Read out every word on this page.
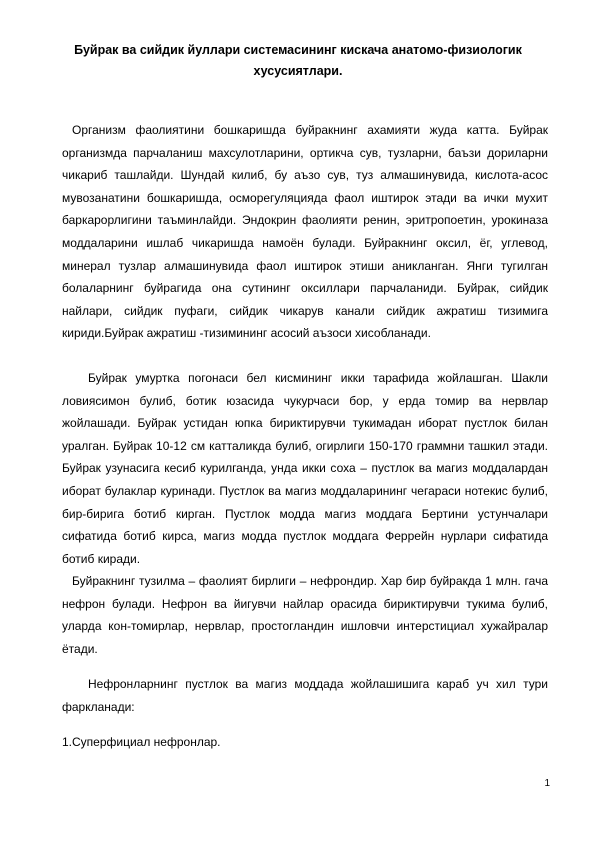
Буйрак ва сийдик йуллари системасининг кискача анатомо-физиологик хусусиятлари.

Организм фаолиятини бошкаришда буйракнинг ахамияти жуда катта. Буйрак организмда парчаланиш махсулотларини, ортикча сув, тузларни, баъзи дориларни чикариб ташлайди. Шундай килиб, бу аъзо сув, туз алмашинувида, кислота-асос мувозанатини бошкаришда, осморегуляцияда фаол иштирок этади ва ички мухит баркарорлигини таъминлайди. Эндокрин фаолияти ренин, эритропоетин, урокиназа моддаларини ишлаб чикаришда намоён булади. Буйракнинг оксил, ёг, углевод, минерал тузлар алмашинувида фаол иштирок этиши аникланган. Янги тугилган болаларнинг буйрагида она сутининг оксиллари парчаланиди. Буйрак, сийдик найлари, сийдик пуфаги, сийдик чикарув канали сийдик ажратиш тизимига кириди.Буйрак ажратиш -тизимининг асосий аъзоси хисобланади.

Буйрак умуртка погонаси бел кисмининг икки тарафида жойлашган. Шакли ловиясимон булиб, ботик юзасида чукурчаси бор, у ерда томир ва нервлар жойлашади. Буйрак устидан юпка бириктирувчи тукимадан иборат пустлок билан уралган. Буйрак 10-12 см катталикда булиб, огирлиги 150-170 граммни ташкил этади. Буйрак узунасига кесиб курилганда, унда икки соха – пустлок ва магиз моддалардан иборат булаклар куринади. Пустлок ва магиз моддаларининг чегараси нотекис булиб, бир-бирига ботиб кирган. Пустлок модда магиз моддага Бертини устунчалари сифатида ботиб кирса, магиз модда пустлок моддага Феррейн нурлари сифатида ботиб киради.

Буйракнинг тузилма – фаолият бирлиги – нефрондир. Хар бир буйракда 1 млн. гача нефрон булади. Нефрон ва йигувчи найлар орасида бириктирувчи тукима булиб, уларда кон-томирлар, нервлар, простогландин ишловчи интерстициал хужайралар ётади.

Нефронларнинг пустлок ва магиз моддада жойлашишига караб уч хил тури фаркланади:

1.Суперфициал нефронлар.

1
